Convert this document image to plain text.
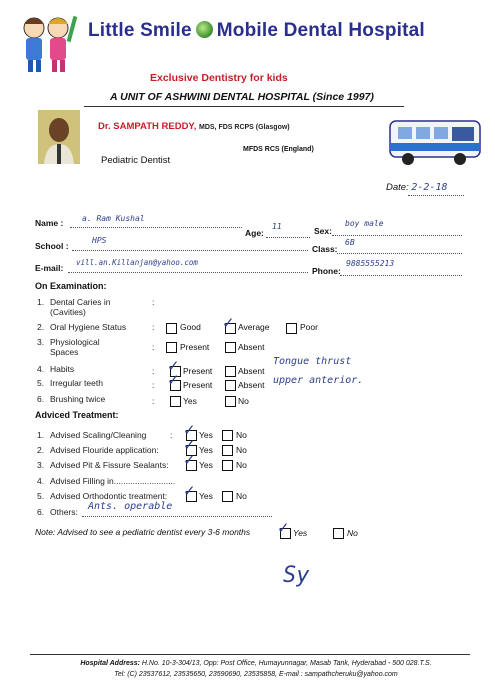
Little Smile Mobile Dental Hospital
Exclusive Dentistry for kids
A UNIT OF ASHWINI DENTAL HOSPITAL (Since 1997)
Dr. SAMPATH REDDY, MDS, FDS RCPS (Glasgow)
MFDS RCS (England)
Pediatric Dentist
Date: 2-2-18
Name : a. Ram Kushal
Age:
11	Sex:
boy male
School :
HPS
Class:
6B
E-mail:
vill.an.Killanjan@yahoo.com
Phone:
9885555213
On Examination:
1. Dental Caries in
(Cavities)
:
2. Oral Hygiene Status	:	Good ✓ Average	Poor
3. Physiological
Spaces	:	Present	Absent
4. Habits	: ✓ Present	Absent
Tongue thrust
5. Irregular teeth	: ✓ Present	Absent upper anterior.
6. Brushing twice	:	Yes	No
Adviced Treatment:
1. Advised Scaling/Cleaning	: ✓ Yes	No
2. Advised Flouride application: ✓ Yes	No
3. Advised Pit & Fissure Sealants: ✓ Yes	No
4. Advised Filling in..........................
5. Advised Orthodontic treatment: ✓ Yes	No
6. Others: Ants. operable
Note: Advised to see a pediatric dentist every 3-6 months ✓ Yes	No
Sy
Hospital Address: H.No. 10-3-304/13, Opp: Post Office, Humayunnagar, Masab Tank, Hyderabad - 500 028.T.S.
Tel: (C) 23537612, 23535650, 23590690, 23535858, E-mail : sampathcheruku@yahoo.com
